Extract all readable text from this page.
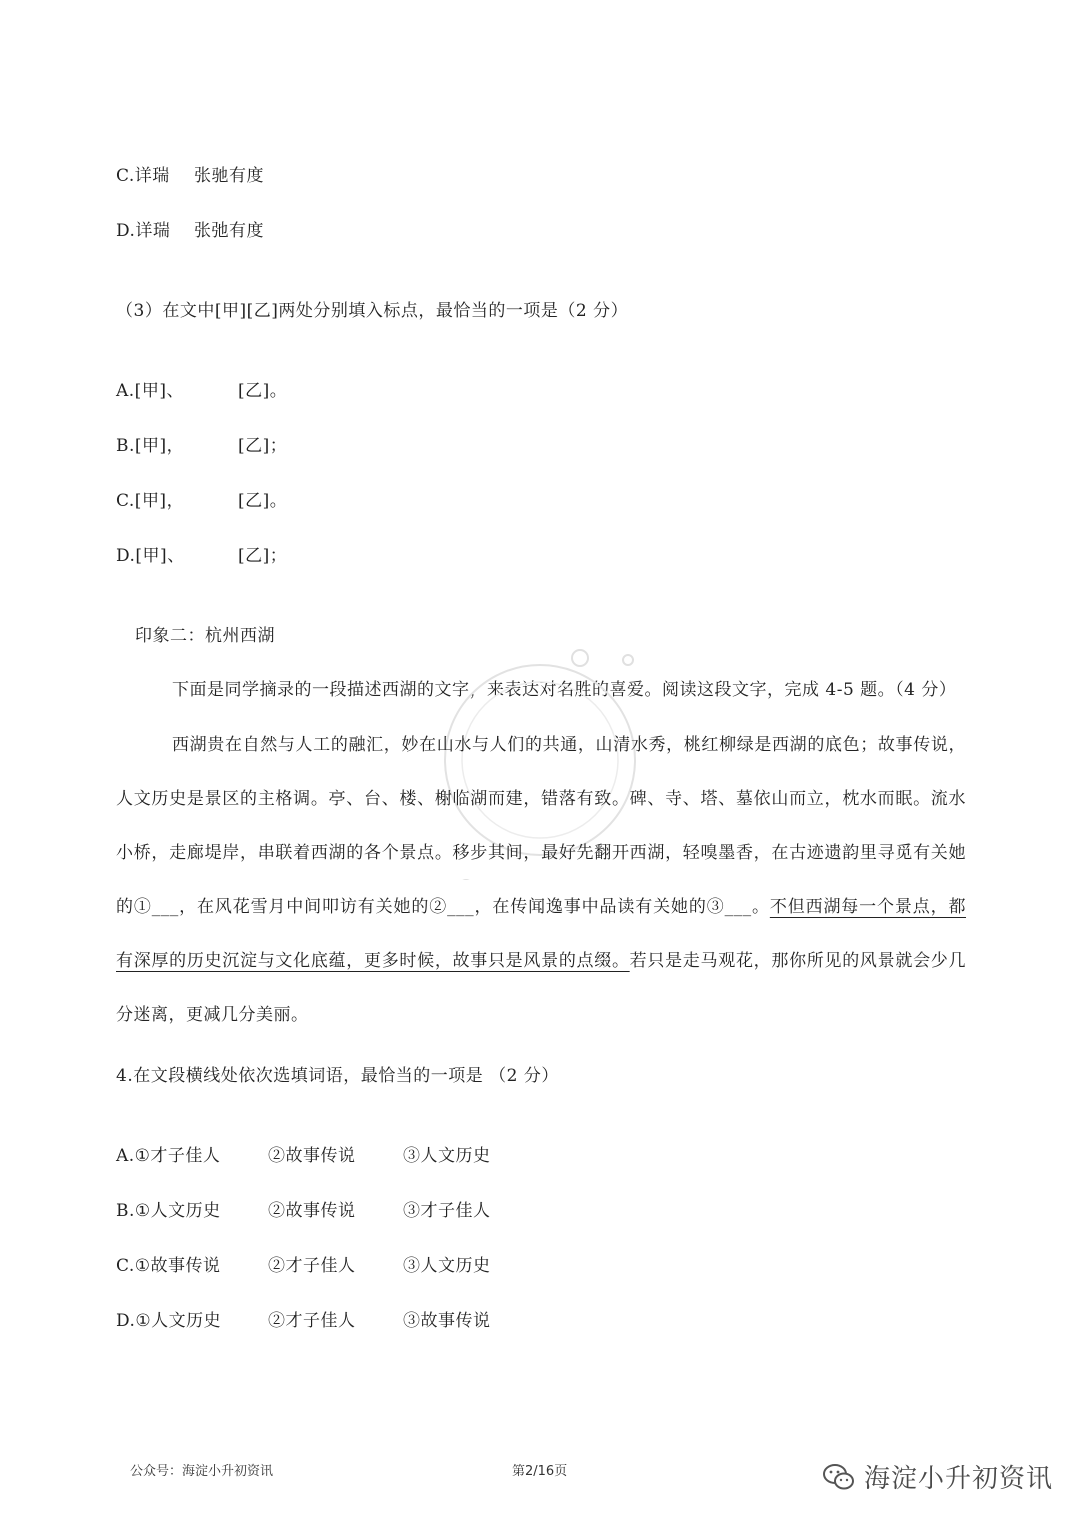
C.详瑞 张驰有度
D.详瑞 张弛有度
（3）在文中[甲][乙]两处分别填入标点，最恰当的一项是（2 分）
A.[甲]、	[乙]。
B.[甲]，	[乙]；
C.[甲]，	[乙]。
D.[甲]、	[乙]；
印象二：杭州西湖
下面是同学摘录的一段描述西湖的文字，来表达对名胜的喜爱。阅读这段文字，完成 4-5 题。（4 分）
西湖贵在自然与人工的融汇，妙在山水与人们的共通，山清水秀，桃红柳绿是西湖的底色；故事传说，人文历史是景区的主格调。亭、台、楼、榭临湖而建，错落有致。碑、寺、塔、墓依山而立，枕水而眠。流水小桥，走廊堤岸，串联着西湖的各个景点。移步其间，最好先翻开西湖，轻嗅墨香，在古迹遗韵里寻觅有关她的①___，在风花雪月中间叩访有关她的②___，在传闻逸事中品读有关她的③___。不但西湖每一个景点，都有深厚的历史沉淀与文化底蕴，更多时候，故事只是风景的点缀。若只是走马观花，那你所见的风景就会少几分迷离，更减几分美丽。
4.在文段横线处依次选填词语，最恰当的一项是 （2 分）
A.①才子佳人	②故事传说	③人文历史
B.①人文历史	②故事传说	③才子佳人
C.①故事传说	②才子佳人	③人文历史
D.①人文历史	②才子佳人	③故事传说
公众号：海淀小升初资讯	第2/16页	海淀小升初资讯
